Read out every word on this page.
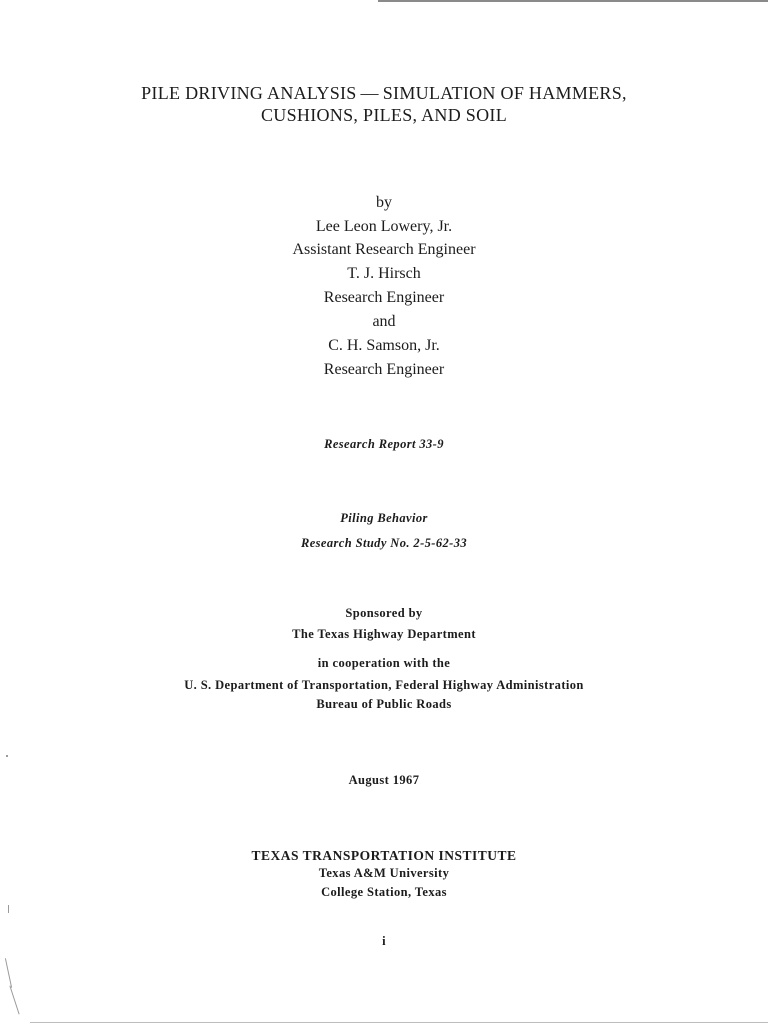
PILE DRIVING ANALYSIS — SIMULATION OF HAMMERS,
CUSHIONS, PILES, AND SOIL
by
Lee Leon Lowery, Jr.
Assistant Research Engineer
T. J. Hirsch
Research Engineer
and
C. H. Samson, Jr.
Research Engineer
Research Report 33-9
Piling Behavior
Research Study No. 2-5-62-33
Sponsored by
The Texas Highway Department
in cooperation with the
U. S. Department of Transportation, Federal Highway Administration
Bureau of Public Roads
August 1967
TEXAS TRANSPORTATION INSTITUTE
Texas A&M University
College Station, Texas
i
